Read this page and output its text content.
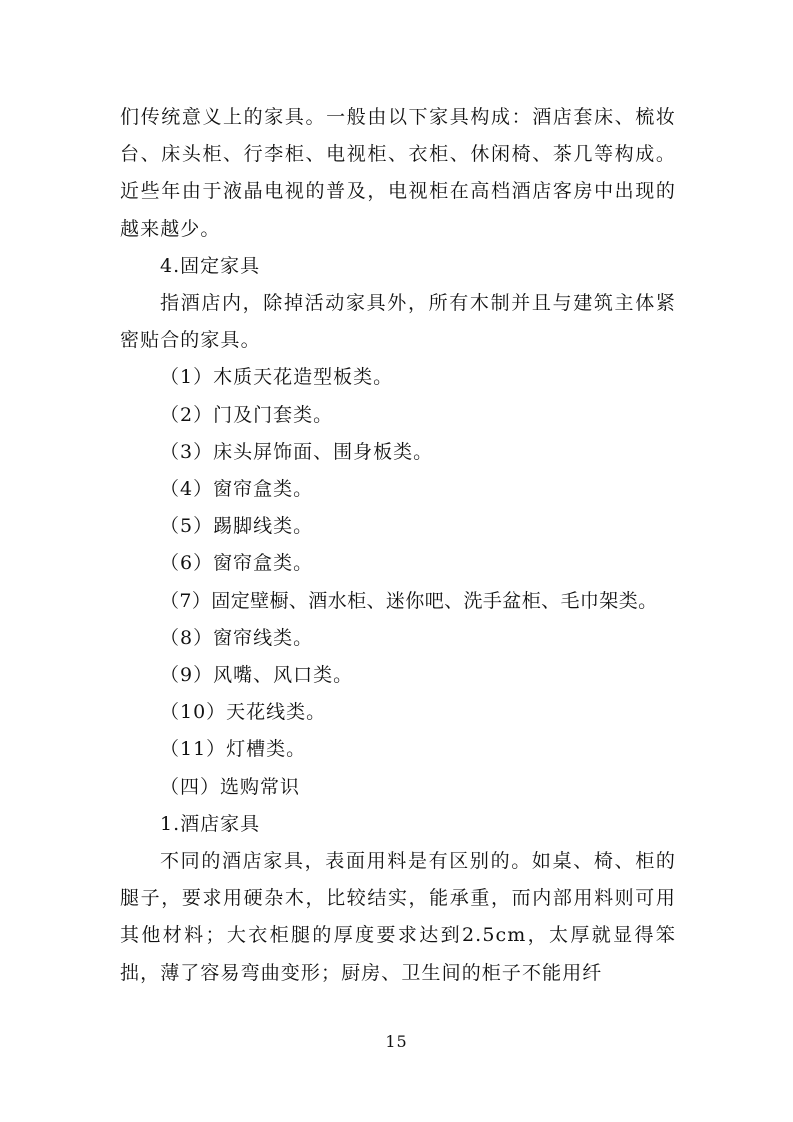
们传统意义上的家具。一般由以下家具构成：酒店套床、梳妆台、床头柜、行李柜、电视柜、衣柜、休闲椅、茶几等构成。近些年由于液晶电视的普及，电视柜在高档酒店客房中出现的越来越少。

4.固定家具

指酒店内，除掉活动家具外，所有木制并且与建筑主体紧密贴合的家具。

（1）木质天花造型板类。

（2）门及门套类。

（3）床头屏饰面、围身板类。

（4）窗帘盒类。

（5）踢脚线类。

（6）窗帘盒类。

（7）固定壁橱、酒水柜、迷你吧、洗手盆柜、毛巾架类。

（8）窗帘线类。

（9）风嘴、风口类。

（10）天花线类。

（11）灯槽类。

（四）选购常识

1.酒店家具

不同的酒店家具，表面用料是有区别的。如桌、椅、柜的腿子，要求用硬杂木，比较结实，能承重，而内部用料则可用其他材料；大衣柜腿的厚度要求达到2.5cm，太厚就显得笨拙，薄了容易弯曲变形；厨房、卫生间的柜子不能用纤

15
